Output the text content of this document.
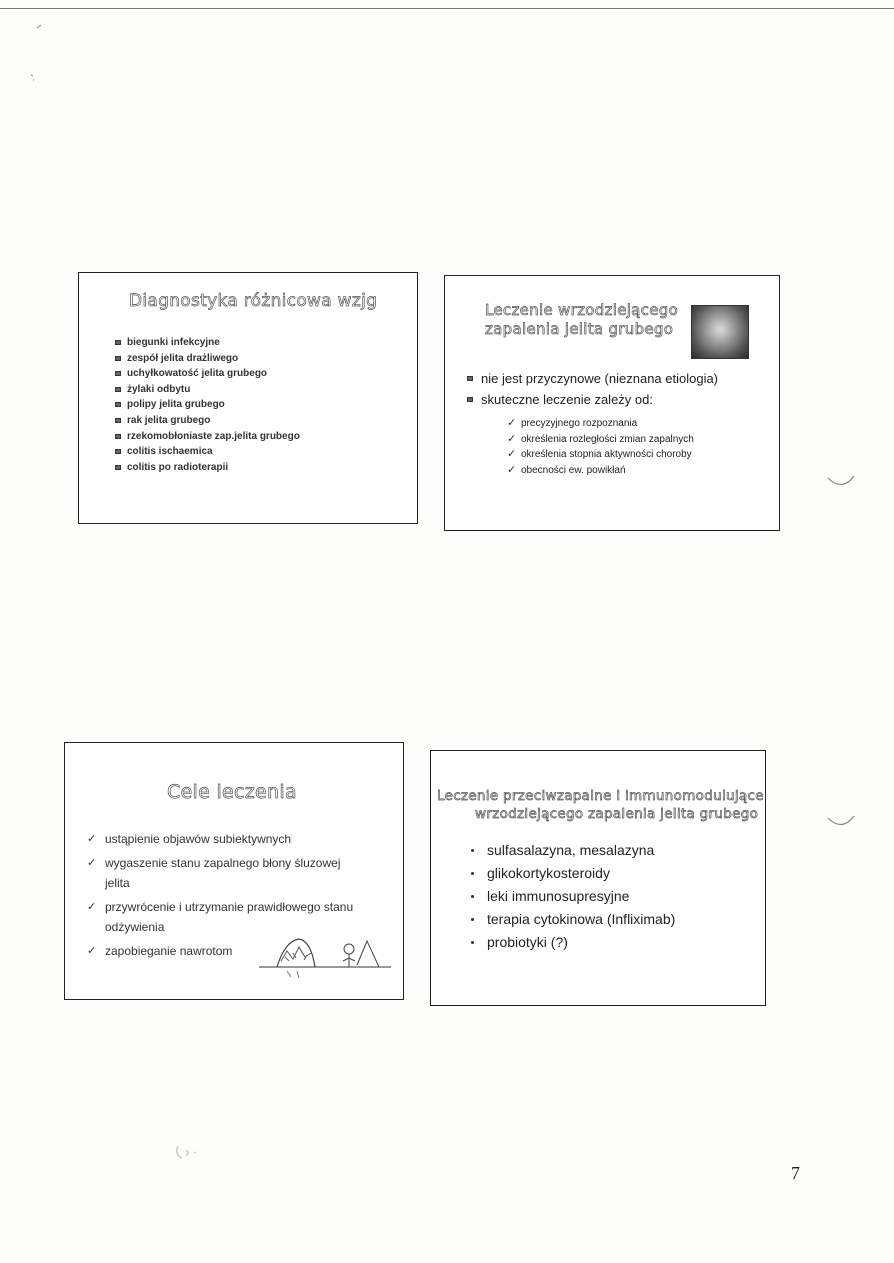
Diagnostyka różnicowa wzjg
biegunki infekcyjne
zespół jelita drażliwego
uchyłkowatość jelita grubego
żylaki odbytu
polipy jelita grubego
rak jelita grubego
rzekomobłoniaste zap.jelita grubego
colitis ischaemica
colitis po radioterapii
Leczenie wrzodziejącego
zapalenia jelita grubego
nie jest przyczynowe (nieznana etiologia)
skuteczne leczenie zależy od:
✓ precyzyjnego rozpoznania
✓ określenia rozległości zmian zapalnych
✓ określenia stopnia aktywności choroby
✓ obecności ew. powikłań
Cele leczenia
✓ ustąpienie objawów subiektywnych
✓ wygaszenie stanu zapalnego błony śluzowej
jelita
✓ przywrócenie i utrzymanie prawidłowego stanu
odżywienia
✓ zapobieganie nawrotom
Leczenie przeciwzapalne i immunomodulujące
wrzodziejącego zapalenia jelita grubego
sulfasalazyna, mesalazyna
glikokortykosteroidy
leki immunosupresyjne
terapia cytokinowa (Infliximab)
probiotyki (?)
7
